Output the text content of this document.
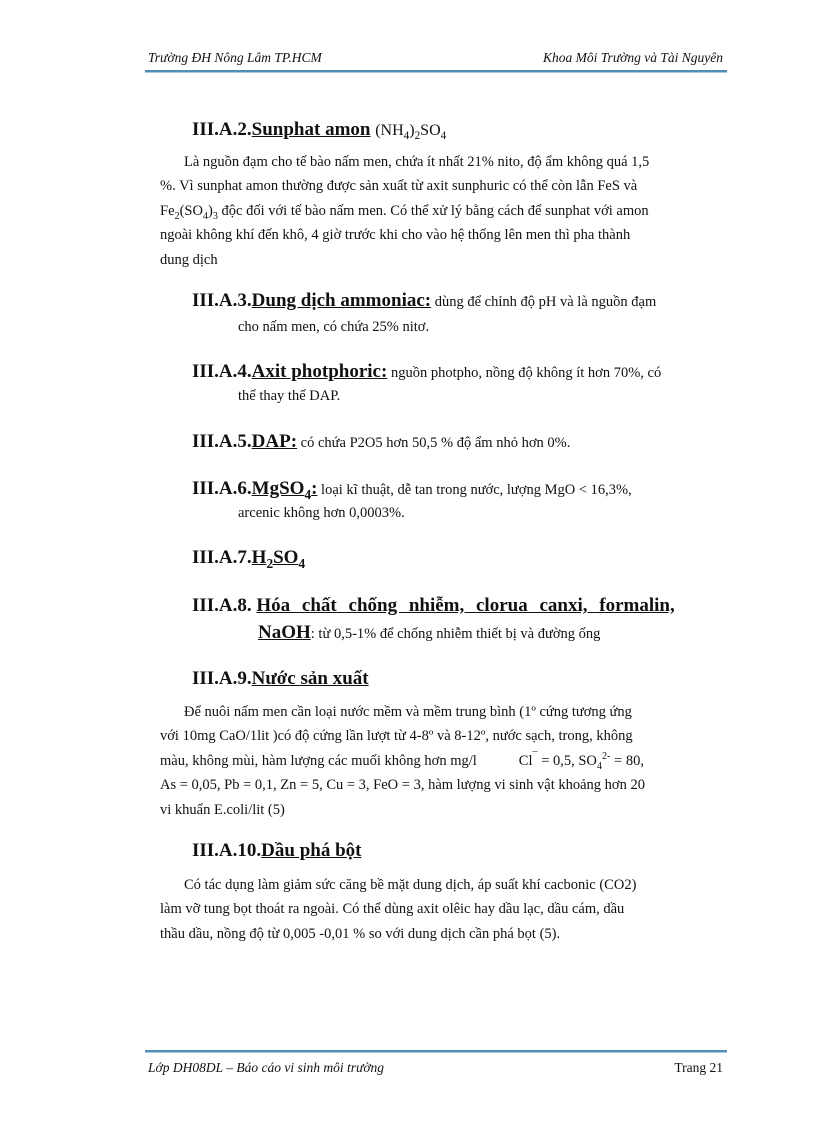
Trường ĐH Nông Lâm TP.HCM	Khoa Môi Trường và Tài Nguyên
III.A.2.Sunphat amon $(NH_4)_2SO_4$
Là nguồn đạm cho tế bào nấm men, chứa ít nhất 21% nito, độ ẩm không quá 1,5
%. Vì sunphat amon thường được sản xuất từ axit sunphuric có thể còn lẫn FeS và
$Fe_2(SO_4)_3$ độc đối với tế bào nấm men. Có thể xử lý bằng cách để sunphat với amon
ngoài không khí đến khô, 4 giờ trước khi cho vào hệ thống lên men thì pha thành
dung dịch
III.A.3.Dung dịch ammoniac: dùng để chỉnh độ pH và là nguồn đạm
cho nấm men, có chứa 25% nitơ.
III.A.4.Axit photphoric: nguồn photpho, nồng độ không ít hơn 70%, có
thể thay thế DAP.
III.A.5.DAP: có chứa P2O5 hơn 50,5 % độ ẩm nhỏ hơn 0%.
III.A.6.MgSO$_4$: loại kĩ thuật, dễ tan trong nước, lượng MgO < 16,3%,
arcenic không hơn 0,0003%.
$III.A.7.H_2SO_4$
III.A.8. Hóa chất chống nhiễm, clorua canxi, formalin,
NaOH: từ 0,5-1% để chống nhiễm thiết bị và đường ống
III.A.9.Nước sản xuất
Để nuôi nấm men cần loại nước mềm và mềm trung bình (1º cứng tương ứng
với 10mg CaO/1lit )có độ cứng lần lượt từ 4-8º và 8-12º, nước sạch, trong, không
màu, không mùi, hàm lượng các muối không hơn mg/l	Cl¯ = 0,5, $SO_4^{2-} = 80$,
As = 0,05, Pb = 0,1, Zn = 5, Cu = 3, FeO = 3, hàm lượng vi sinh vật khoảng hơn 20
vi khuẩn E.coli/lit (5)
III.A.10.Dầu phá bột
Có tác dụng làm giảm sức căng bề mặt dung dịch, áp suất khí cacbonic (CO2)
làm vỡ tung bọt thoát ra ngoài. Có thể dùng axit olêic hay dầu lạc, dầu cám, dầu
thầu dầu, nồng độ từ 0,005 -0,01 % so với dung dịch cần phá bọt (5).
Lớp DH08DL – Báo cáo vi sinh môi trường	Trang 21
